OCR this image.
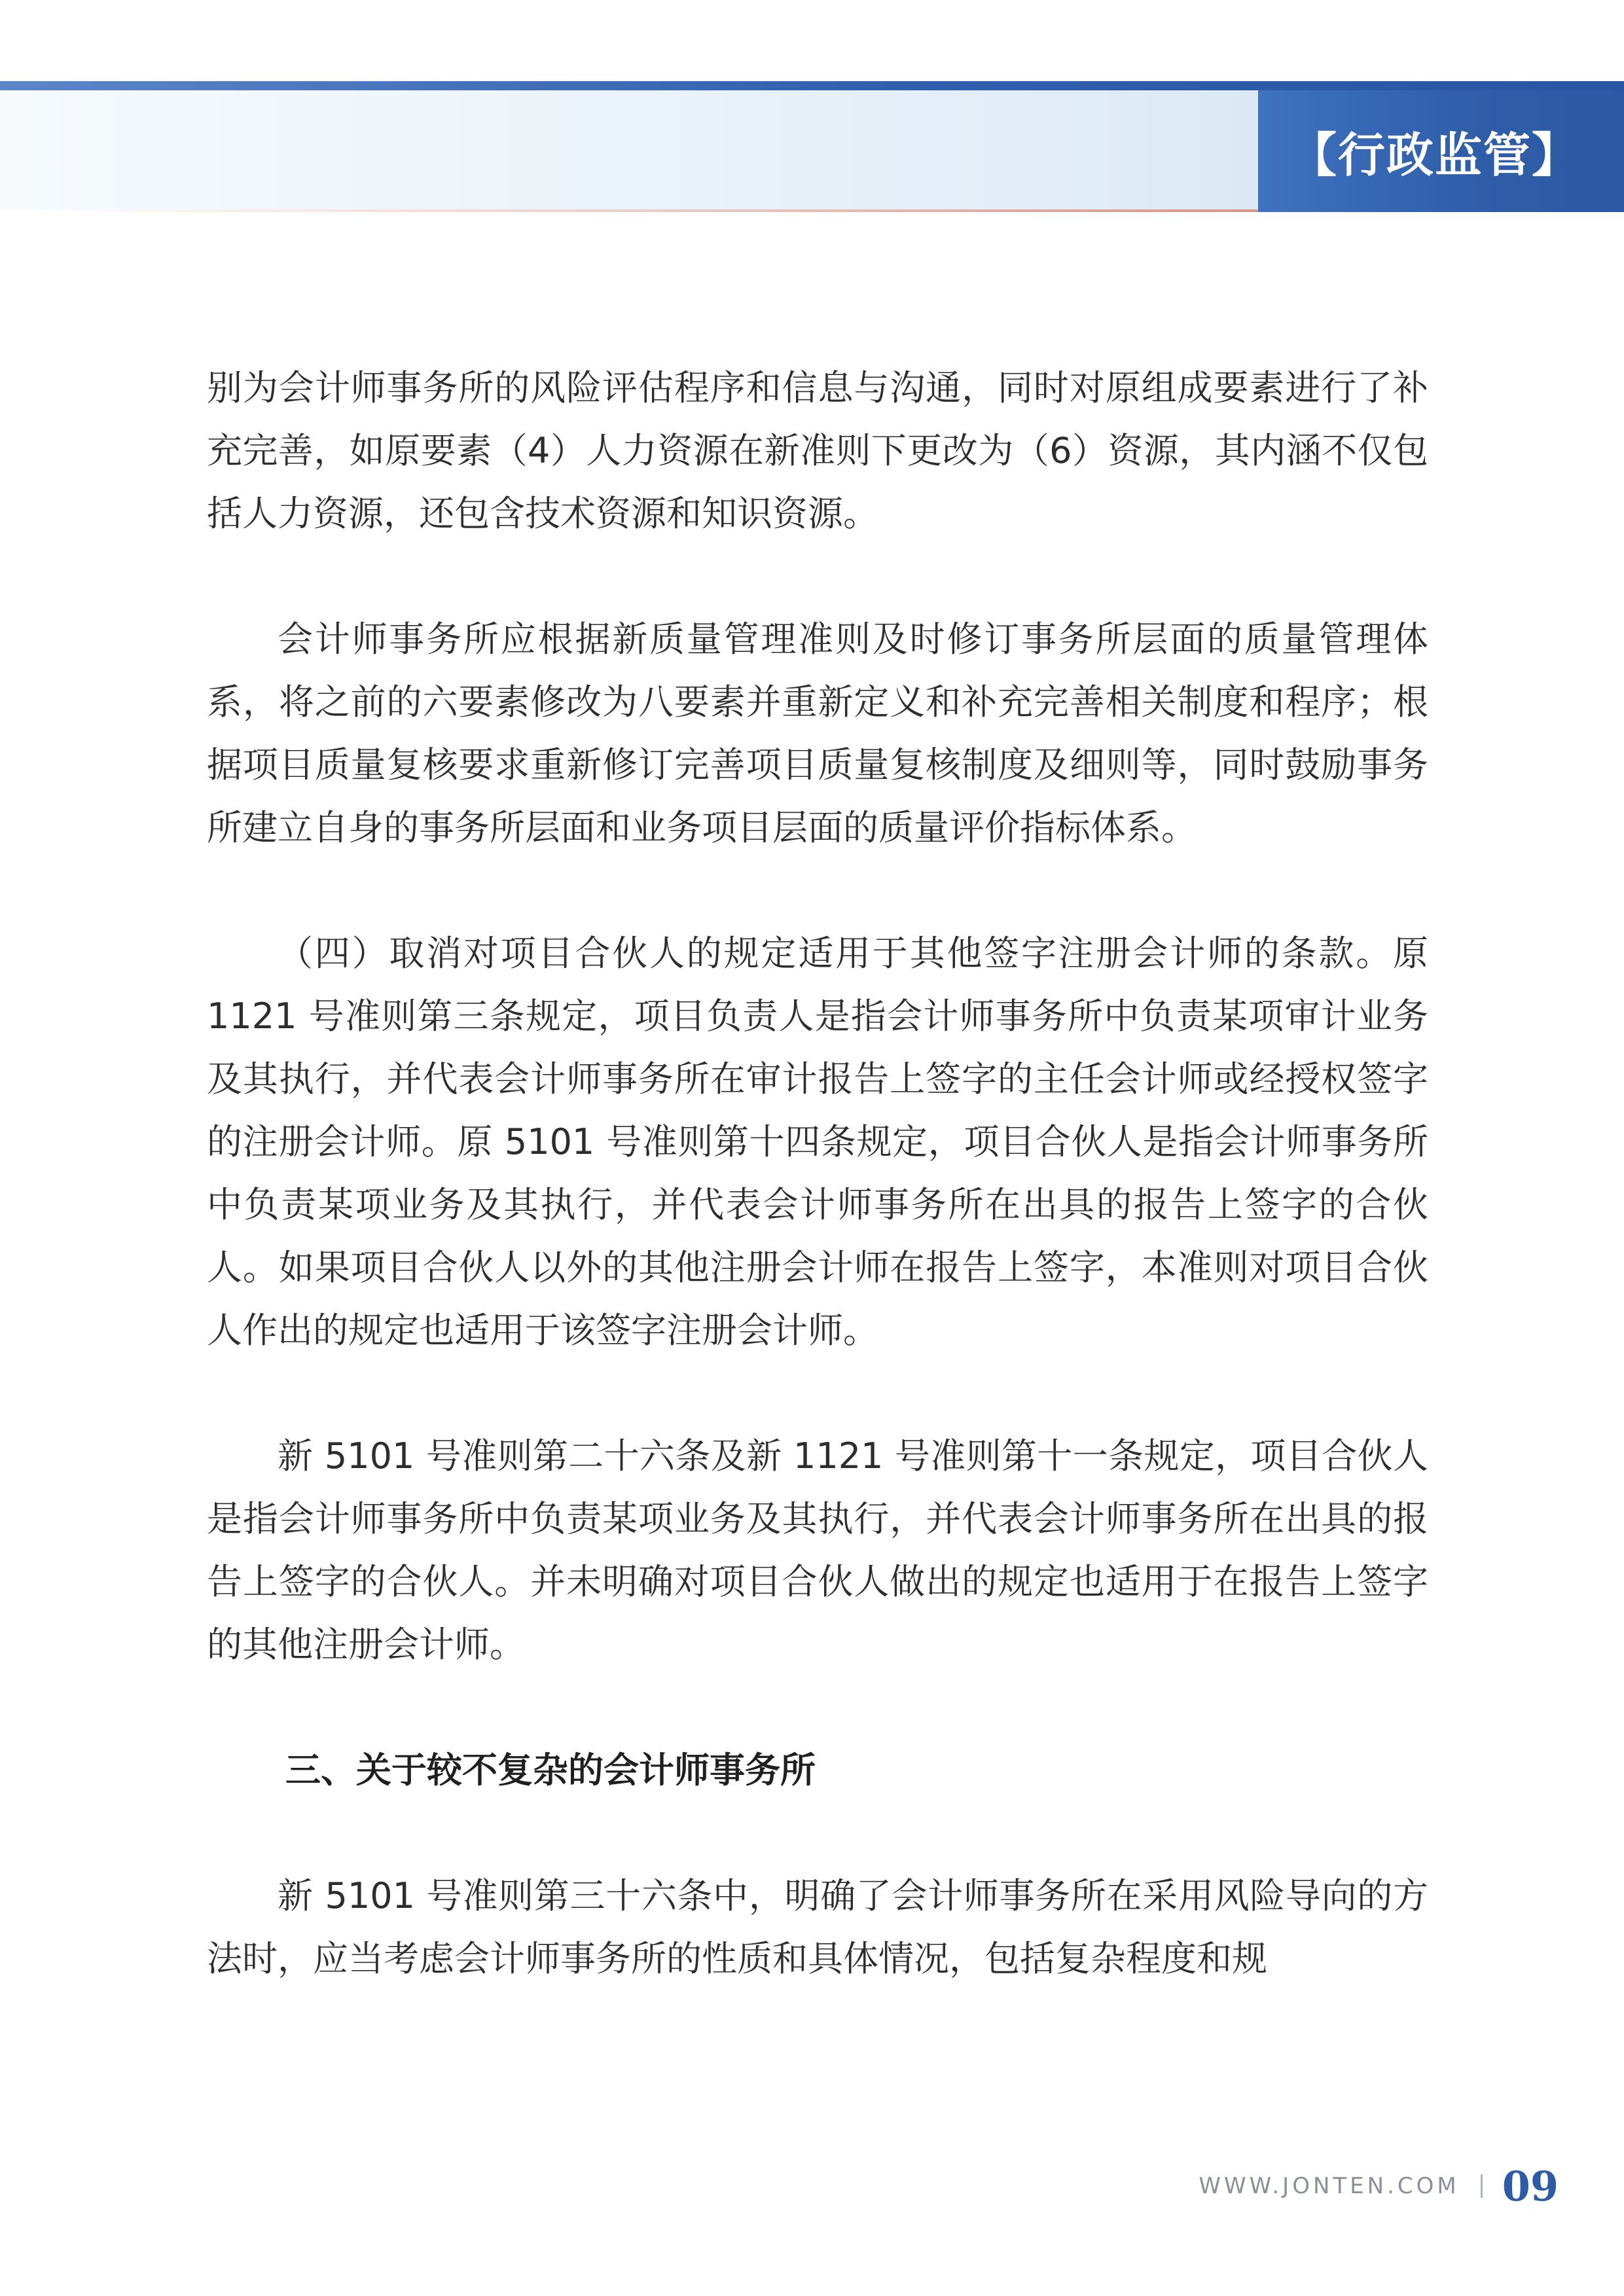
【行政监管】

别为会计师事务所的风险评估程序和信息与沟通，同时对原组成要素进行了补充完善，如原要素（4）人力资源在新准则下更改为（6）资源，其内涵不仅包括人力资源，还包含技术资源和知识资源。

会计师事务所应根据新质量管理准则及时修订事务所层面的质量管理体系，将之前的六要素修改为八要素并重新定义和补充完善相关制度和程序；根据项目质量复核要求重新修订完善项目质量复核制度及细则等，同时鼓励事务所建立自身的事务所层面和业务项目层面的质量评价指标体系。

（四）取消对项目合伙人的规定适用于其他签字注册会计师的条款。原 1121 号准则第三条规定，项目负责人是指会计师事务所中负责某项审计业务及其执行，并代表会计师事务所在审计报告上签字的主任会计师或经授权签字的注册会计师。原 5101 号准则第十四条规定，项目合伙人是指会计师事务所中负责某项业务及其执行，并代表会计师事务所在出具的报告上签字的合伙人。如果项目合伙人以外的其他注册会计师在报告上签字，本准则对项目合伙人作出的规定也适用于该签字注册会计师。

新 5101 号准则第二十六条及新 1121 号准则第十一条规定，项目合伙人是指会计师事务所中负责某项业务及其执行，并代表会计师事务所在出具的报告上签字的合伙人。并未明确对项目合伙人做出的规定也适用于在报告上签字的其他注册会计师。

三、关于较不复杂的会计师事务所

新 5101 号准则第三十六条中，明确了会计师事务所在采用风险导向的方法时，应当考虑会计师事务所的性质和具体情况，包括复杂程度和规

WWW.JONTEN.COM 09
